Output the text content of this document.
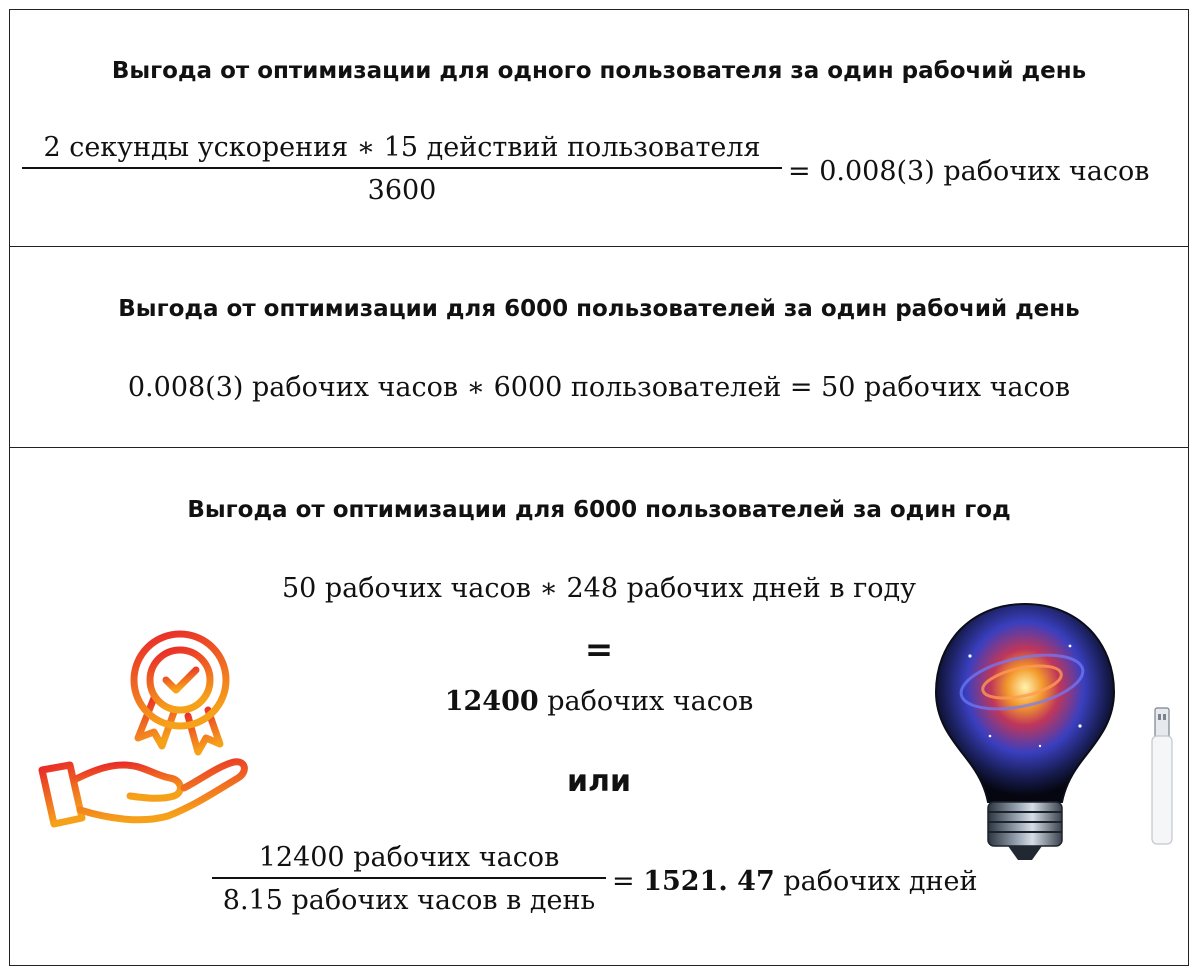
Выгода от оптимизации для одного пользователя за один рабочий день
2 секунды ускорения ∗ 15 действий пользователя
3600
= 0.008(3) рабочих часов
Выгода от оптимизации для 6000 пользователей за один рабочий день
0.008(3) рабочих часов ∗ 6000 пользователей = 50 рабочих часов
Выгода от оптимизации для 6000 пользователей за один год
50 рабочих часов ∗ 248 рабочих дней в году
=
12400 рабочих часов
или
12400 рабочих часов
8.15 рабочих часов в день
= 1521. 47 рабочих дней
